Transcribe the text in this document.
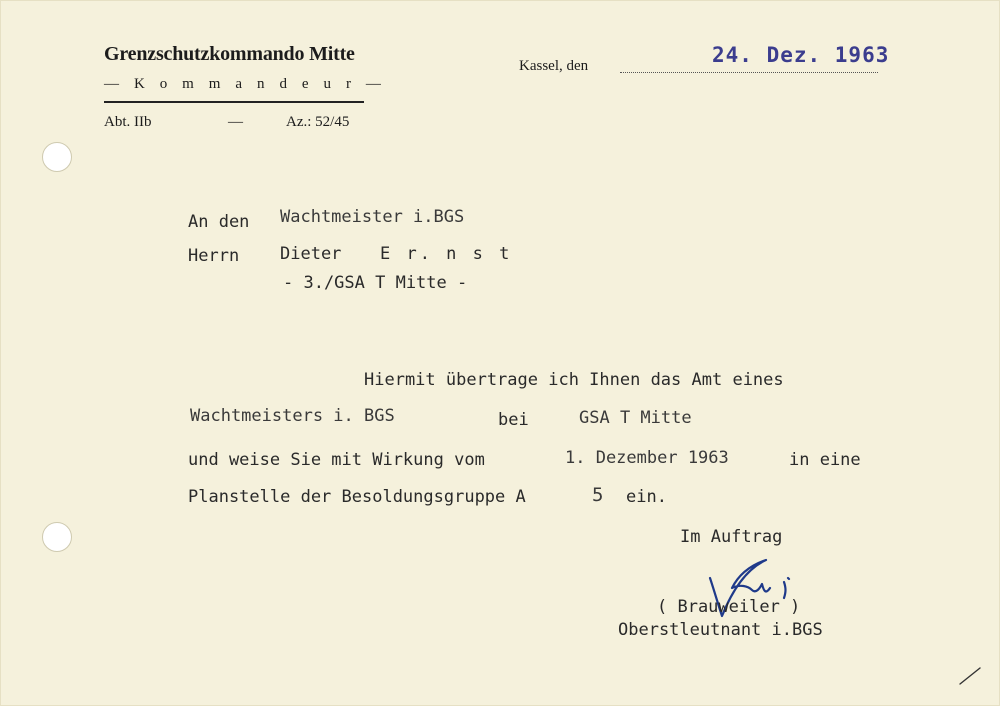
Grenzschutzkommando Mitte
— K o m m a n d e u r —
Abt. IIb	—	Az.: 52/45
Kassel, den	24. Dez. 1963
An den Wachtmeister i.BGS
Herrn Dieter E r. n s t
- 3./GSA T Mitte -
Hiermit übertrage ich Ihnen das Amt eines
Wachtmeisters i. BGS	bei	GSA T Mitte
und weise Sie mit Wirkung vom	1. Dezember 1963	in eine
Planstelle der Besoldungsgruppe A	5 ein.
Im Auftrag
( Brauweiler )
Oberstleutnant i.BGS
